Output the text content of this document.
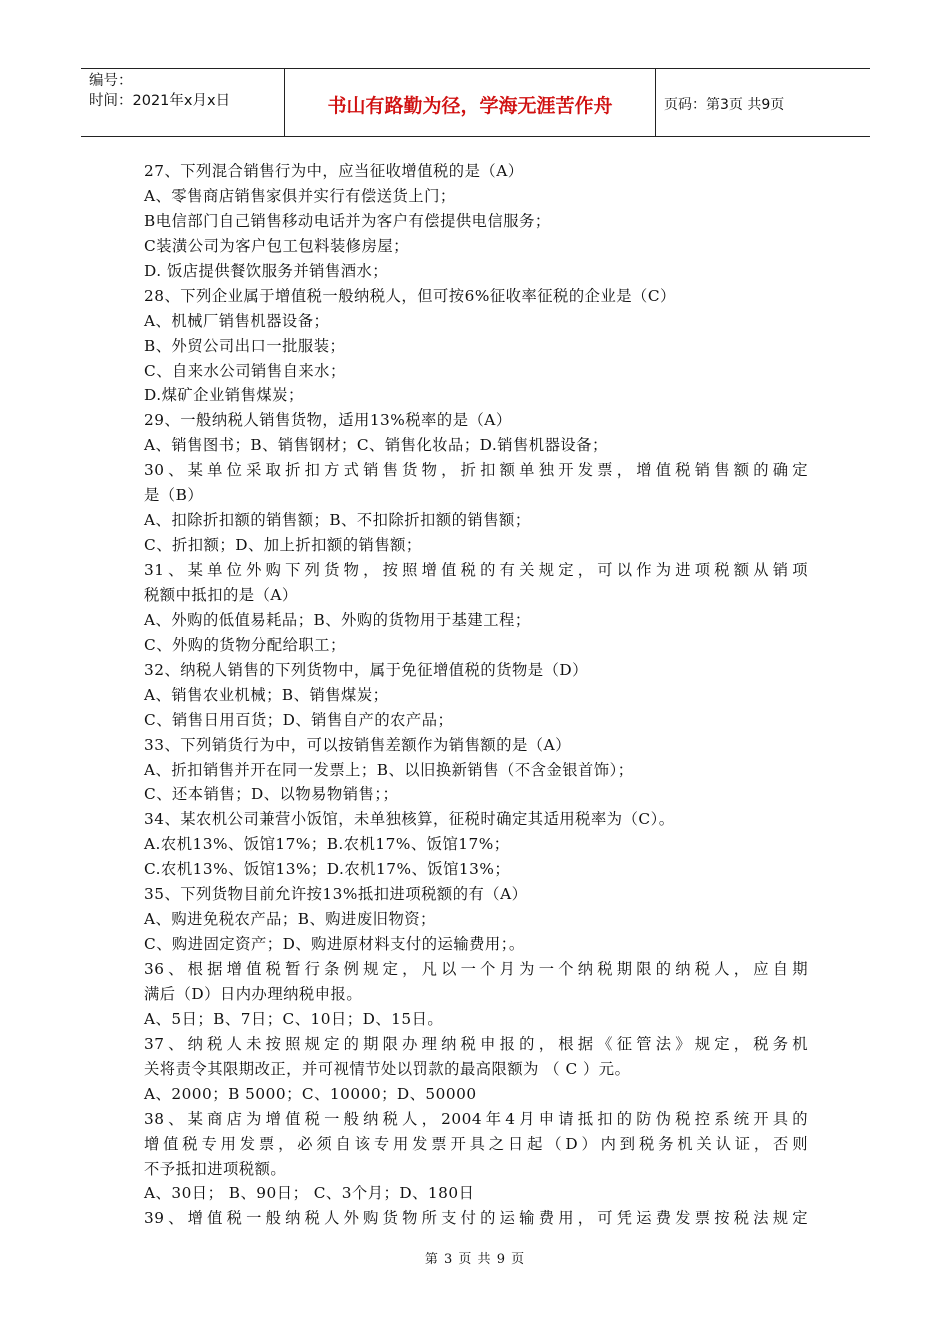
编号：
时间：2021年x月x日	书山有路勤为径，学海无涯苦作舟	页码：第3页 共9页
27、下列混合销售行为中，应当征收增值税的是（A）
A、零售商店销售家俱并实行有偿送货上门；
B电信部门自己销售移动电话并为客户有偿提供电信服务；
C装潢公司为客户包工包料装修房屋；
D. 饭店提供餐饮服务并销售酒水；
28、下列企业属于增值税一般纳税人，但可按6%征收率征税的企业是（C）
A、机械厂销售机器设备；
B、外贸公司出口一批服装；
C、自来水公司销售自来水；
D.煤矿企业销售煤炭；
29、一般纳税人销售货物，适用13%税率的是（A）
A、销售图书；B、销售钢材；C、销售化妆品；D.销售机器设备；
30、某单位采取折扣方式销售货物，折扣额单独开发票，增值税销售额的确定
是（B）
A、扣除折扣额的销售额；B、不扣除折扣额的销售额；
C、折扣额；D、加上折扣额的销售额；
31、某单位外购下列货物，按照增值税的有关规定，可以作为进项税额从销项
税额中抵扣的是（A）
A、外购的低值易耗品；B、外购的货物用于基建工程；
C、外购的货物分配给职工；
32、纳税人销售的下列货物中，属于免征增值税的货物是（D）
A、销售农业机械；B、销售煤炭；
C、销售日用百货；D、销售自产的农产品；
33、下列销货行为中，可以按销售差额作为销售额的是（A）
A、折扣销售并开在同一发票上；B、以旧换新销售（不含金银首饰）；
C、还本销售；D、以物易物销售；；
34、某农机公司兼营小饭馆，未单独核算，征税时确定其适用税率为（C）。
A.农机13%、饭馆17%；B.农机17%、饭馆17%；
C.农机13%、饭馆13%；D.农机17%、饭馆13%；
35、下列货物目前允许按13%抵扣进项税额的有（A）
A、购进免税农产品；B、购进废旧物资；
C、购进固定资产；D、购进原材料支付的运输费用；。
36、根据增值税暂行条例规定，凡以一个月为一个纳税期限的纳税人，应自期
满后（D）日内办理纳税申报。
A、5日；B、7日；C、10日；D、15日。
37、纳税人未按照规定的期限办理纳税申报的，根据《征管法》规定，税务机
关将责令其限期改正，并可视情节处以罚款的最高限额为 （ C ）元。
A、2000；B 5000；C、10000；D、50000
38、某商店为增值税一般纳税人，2004年4月申请抵扣的防伪税控系统开具的
增值税专用发票，必须自该专用发票开具之日起（D）内到税务机关认证，否则
不予抵扣进项税额。
A、30日； B、90日； C、3个月；D、180日
39、增值税一般纳税人外购货物所支付的运输费用，可凭运费发票按税法规定
第 3 页 共 9 页
